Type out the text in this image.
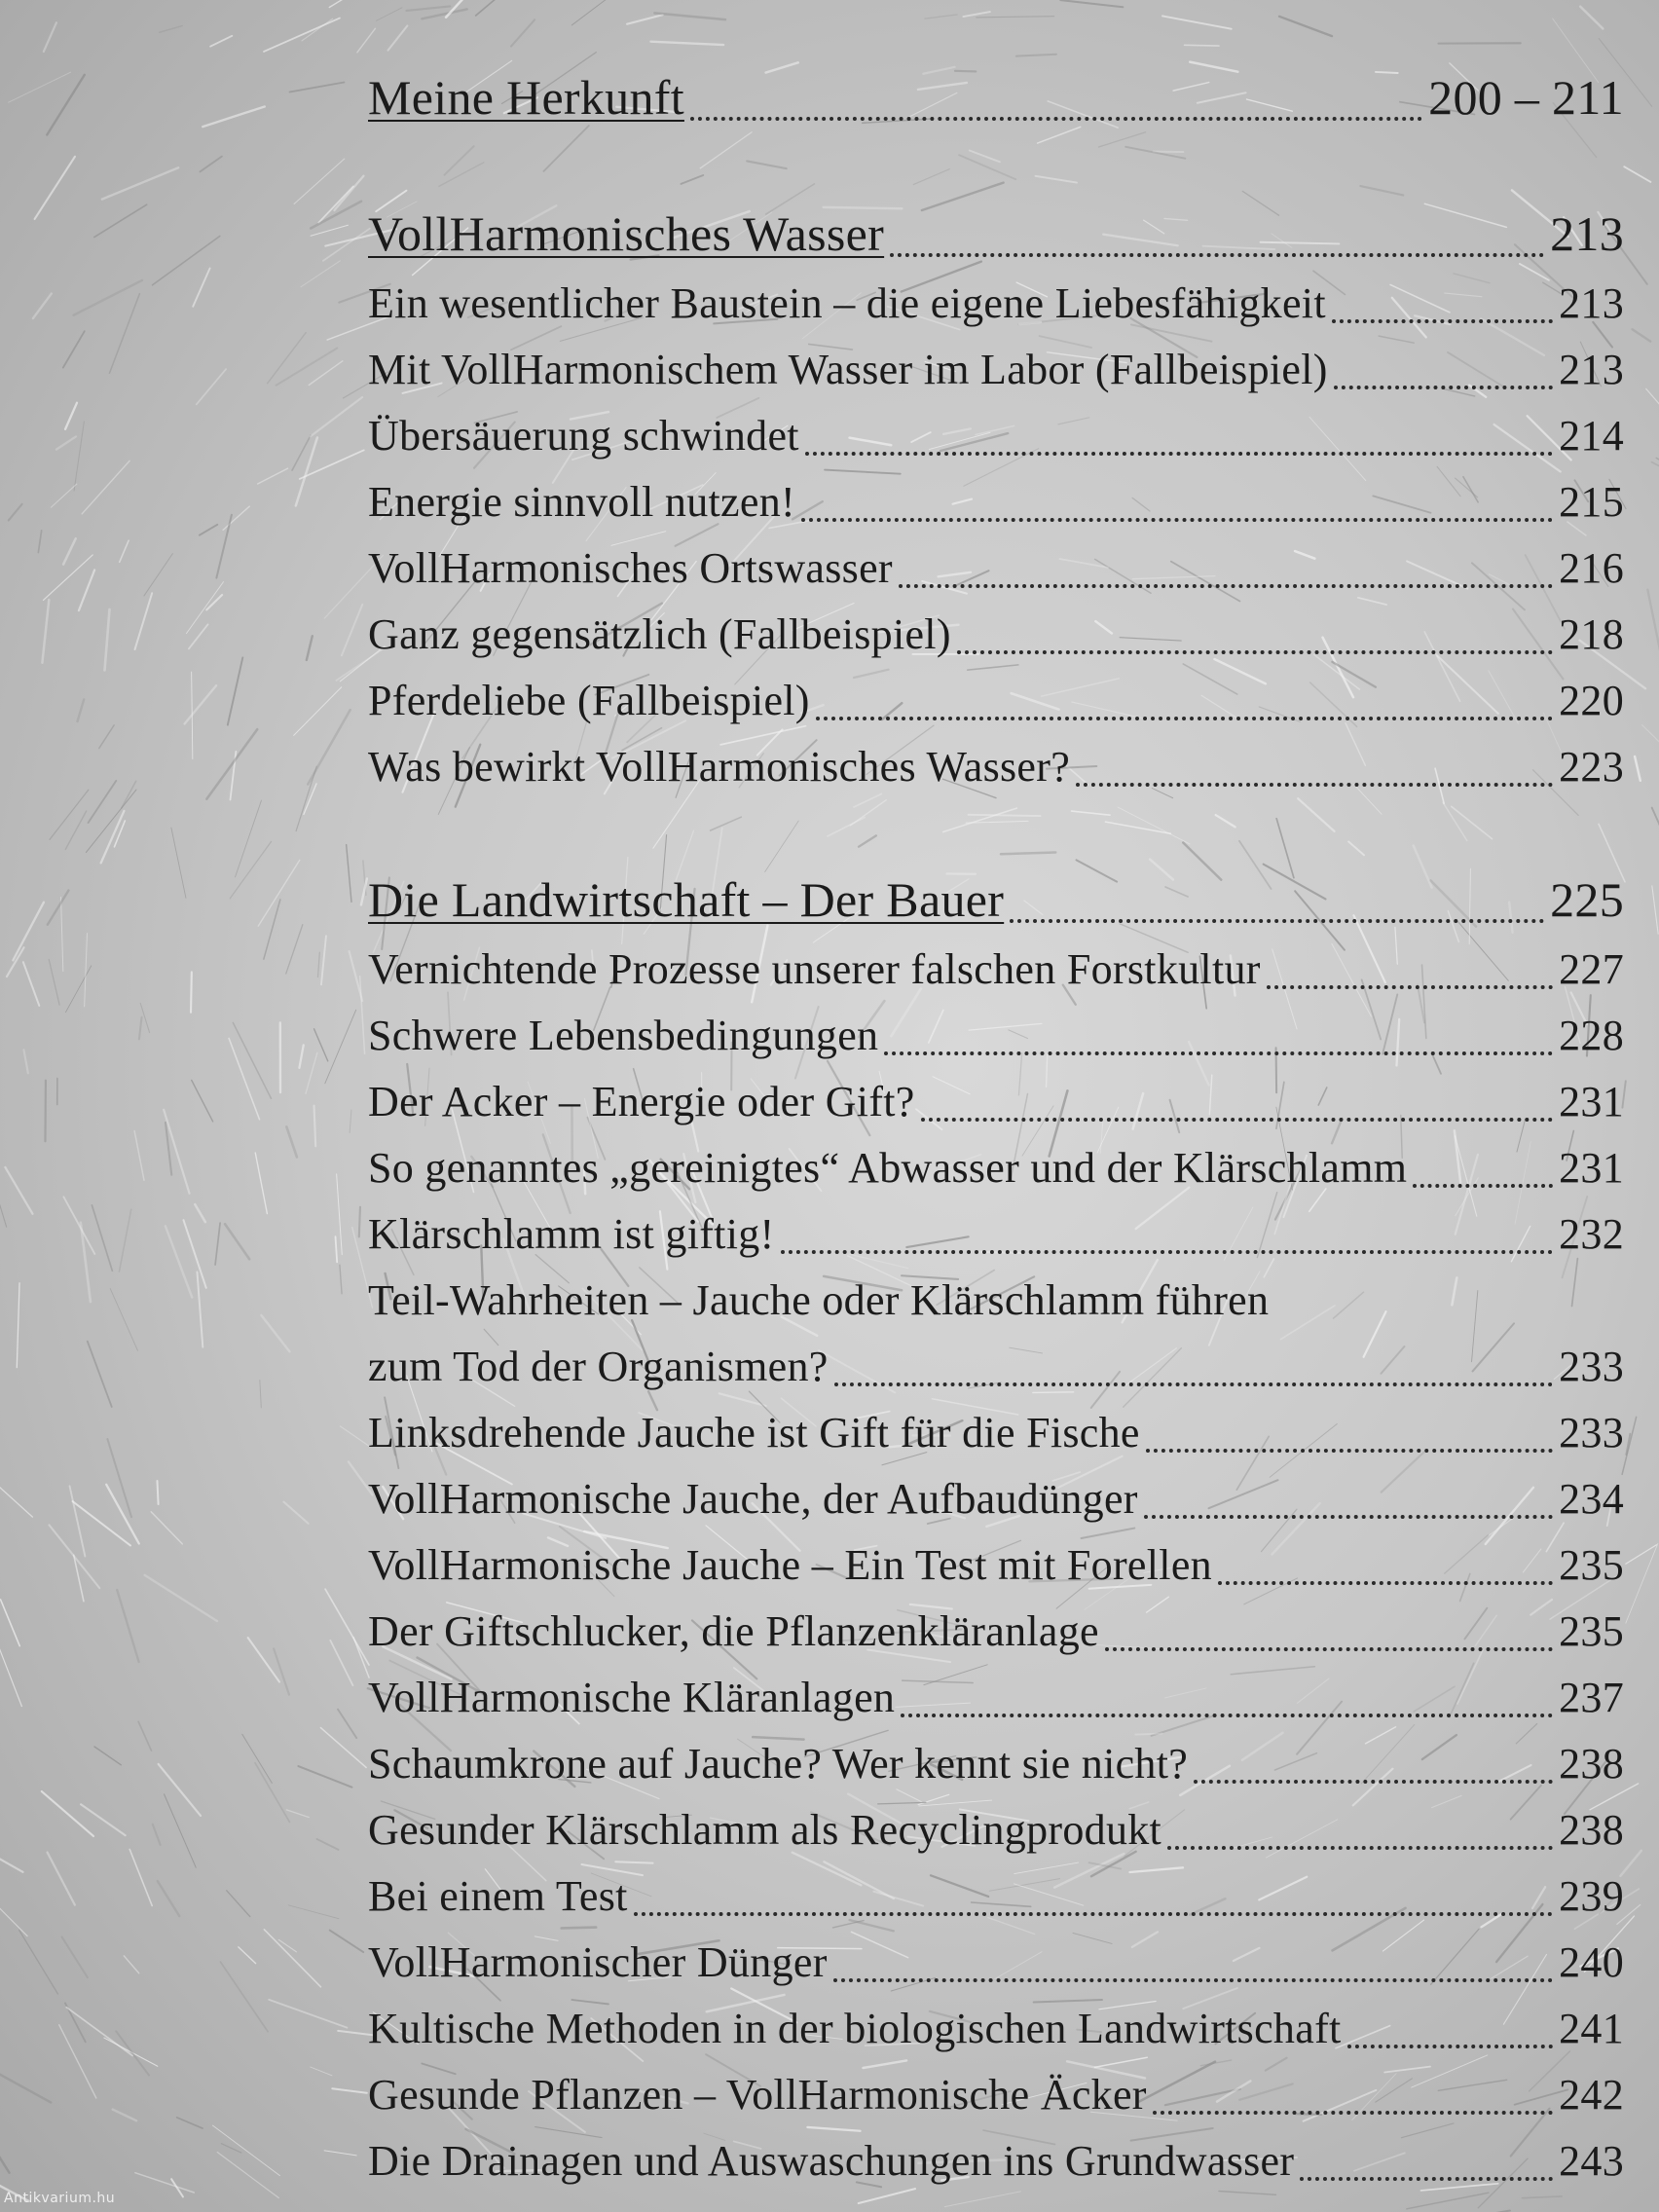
Meine Herkunft	200 – 211
VollHarmonisches Wasser	213
Ein wesentlicher Baustein – die eigene Liebesfähigkeit	213
Mit VollHarmonischem Wasser im Labor (Fallbeispiel)	213
Übersäuerung schwindet	214
Energie sinnvoll nutzen!	215
VollHarmonisches Ortswasser	216
Ganz gegensätzlich (Fallbeispiel)	218
Pferdeliebe (Fallbeispiel)	220
Was bewirkt VollHarmonisches Wasser?	223
Die Landwirtschaft – Der Bauer	225
Vernichtende Prozesse unserer falschen Forstkultur	227
Schwere Lebensbedingungen	228
Der Acker – Energie oder Gift?	231
So genanntes „gereinigtes“ Abwasser und der Klärschlamm	231
Klärschlamm ist giftig!	232
Teil-Wahrheiten – Jauche oder Klärschlamm führen
zum Tod der Organismen?	233
Linksdrehende Jauche ist Gift für die Fische	233
VollHarmonische Jauche, der Aufbaudünger	234
VollHarmonische Jauche – Ein Test mit Forellen	235
Der Giftschlucker, die Pflanzenkläranlage	235
VollHarmonische Kläranlagen	237
Schaumkrone auf Jauche? Wer kennt sie nicht?	238
Gesunder Klärschlamm als Recyclingprodukt	238
Bei einem Test	239
VollHarmonischer Dünger	240
Kultische Methoden in der biologischen Landwirtschaft	241
Gesunde Pflanzen – VollHarmonische Äcker	242
Die Drainagen und Auswaschungen ins Grundwasser	243
Antikvarium.hu
